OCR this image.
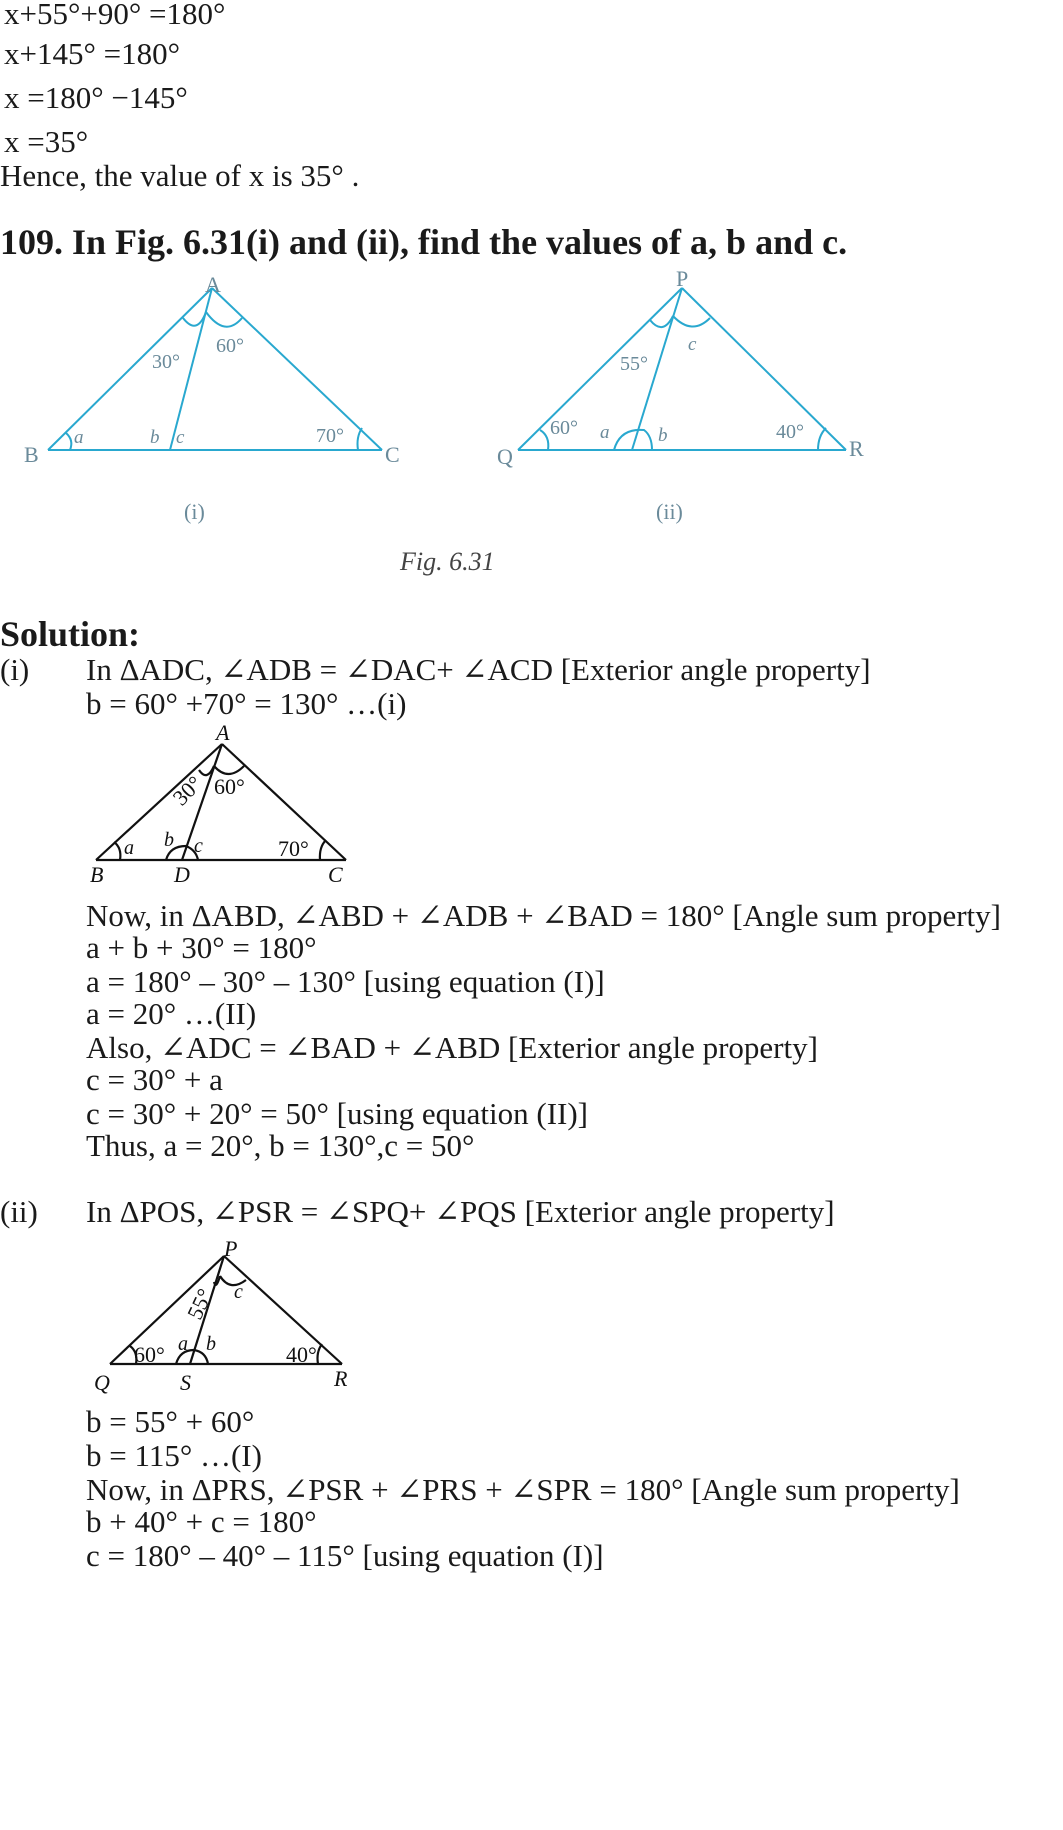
x+55°+90° =180°
x+145° =180°
x =180° −145°
x =35°
Hence, the value of x is 35° .
109. In Fig. 6.31(i) and (ii), find the values of a, b and c.
A
B	C
30°
60°
70°
a	b c
(i)
P
Q	R
55°
c
60°	40°
a	b
(ii)
Fig. 6.31
Solution:
(i) In ΔADC, ∠ADB = ∠DAC+ ∠ACD [Exterior angle property]
b = 60° +70° = 130° …(i)
A
B	D	C
30° 60°
70°
a b c
Now, in ΔABD, ∠ABD + ∠ADB + ∠BAD = 180° [Angle sum property]
a + b + 30° = 180°
a = 180° – 30° – 130° [using equation (I)]
a = 20° …(II)
Also, ∠ADC = ∠BAD + ∠ABD [Exterior angle property]
c = 30° + a
c = 30° + 20° = 50° [using equation (II)]
Thus, a = 20°, b = 130°,c = 50°
(ii) In ΔPOS, ∠PSR = ∠SPQ+ ∠PQS [Exterior angle property]
P
Q	S	R
55° c
60°	40°
a b
b = 55° + 60°
b = 115° …(I)
Now, in ΔPRS, ∠PSR + ∠PRS + ∠SPR = 180° [Angle sum property]
b + 40° + c = 180°
c = 180° – 40° – 115° [using equation (I)]
